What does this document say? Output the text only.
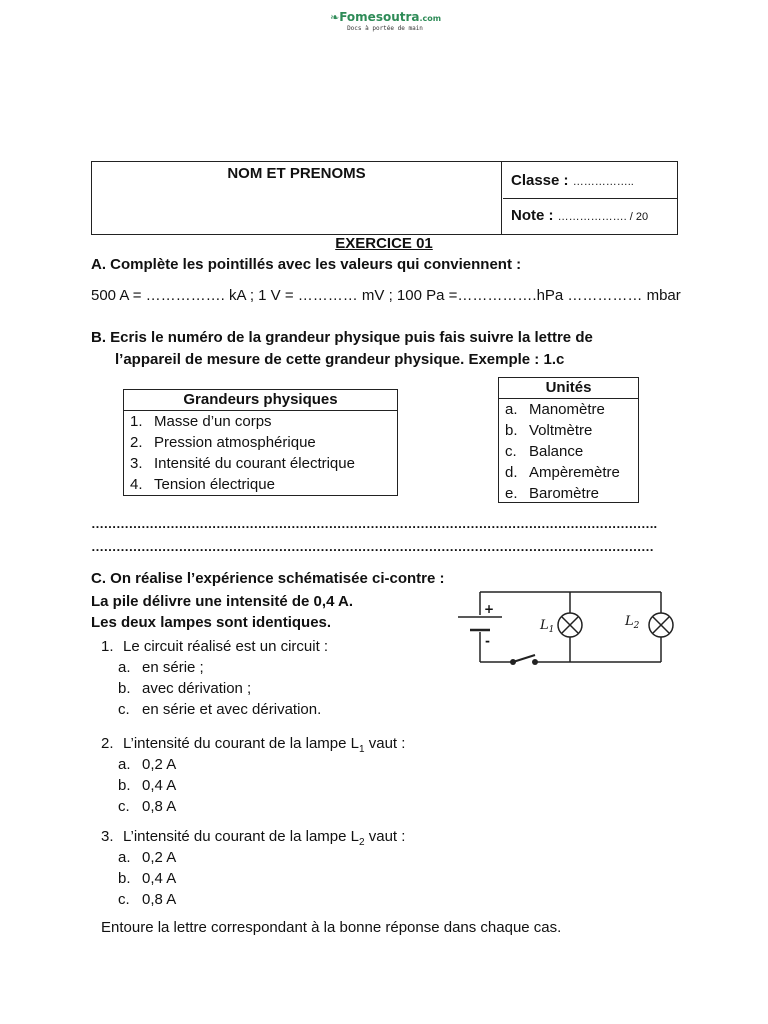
❧Fomesoutra.com
Docs à portée de main
NOM ET PRENOMS	Classe : ……………..
Note : ………………. / 20
EXERCICE 01
A. Complète les pointillés avec les valeurs qui conviennent :
500 A = ……………. kA ; 1 V = ………… mV ; 100 Pa =…………….hPa …………… mbar
B. Ecris le numéro de la grandeur physique puis fais suivre la lettre de
l’appareil de mesure de cette grandeur physique. Exemple : 1.c
Grandeurs physiques
1. Masse d’un corps
2. Pression atmosphérique
3. Intensité du courant électrique
4. Tension électrique
Unités
a. Manomètre
b. Voltmètre
c. Balance
d. Ampèremètre
e. Baromètre
……………………………………………………………………………………………………………………….
………………………………………………………………………………………………………………………
C. On réalise l’expérience schématisée ci-contre :
La pile délivre une intensité de 0,4 A.
Les deux lampes sont identiques.
+
-
$L_1$
$L_2$
1. Le circuit réalisé est un circuit :
a. en série ;
b. avec dérivation ;
c. en série et avec dérivation.
2. L’intensité du courant de la lampe $L_1$ vaut :
a. 0,2 A
b. 0,4 A
c. 0,8 A
3. L’intensité du courant de la lampe $L_2$ vaut :
a. 0,2 A
b. 0,4 A
c. 0,8 A
Entoure la lettre correspondant à la bonne réponse dans chaque cas.
